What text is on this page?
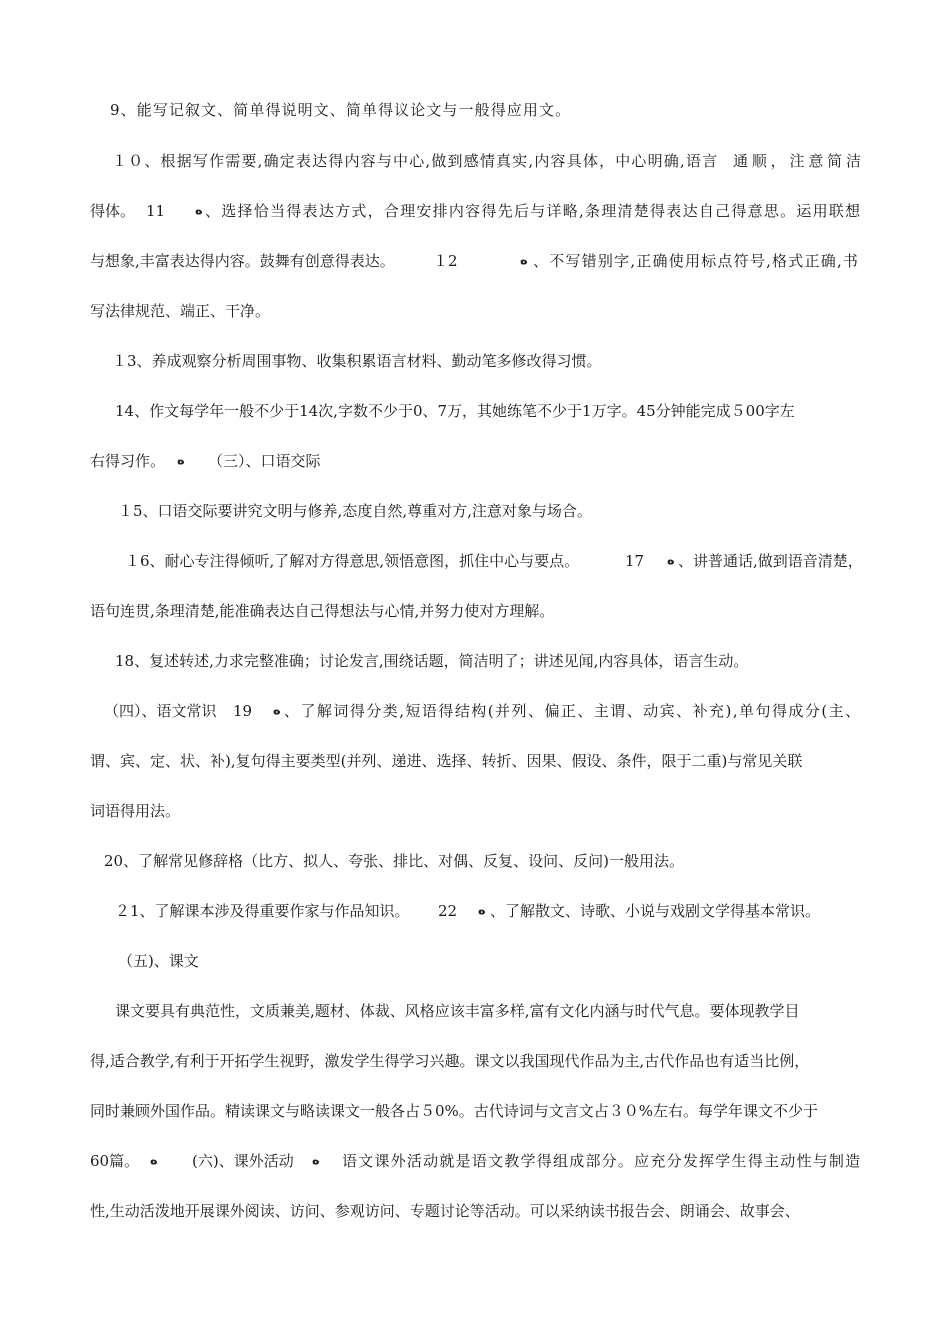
9、能写记叙文、简单得说明文、简单得议论文与一般得应用文。

１０、根据写作需要,确定表达得内容与中心,做到感情真实,内容具体，中心明确,语言

通顺，注意简洁

得体。

11

ه

、选择恰当得表达方式，合理安排内容得先后与详略,条理清楚得表达自己得意思。运用联想

与想象,丰富表达得内容。鼓舞有创意得表达。

	１2

	ه

、不写错别字,正确使用标点符号,格式正确,书

写法律规范、端正、干净。

１3、养成观察分析周围事物、收集积累语言材料、勤动笔多修改得习惯。

14、作文每学年一般不少于14次,字数不少于0、7万，其她练笔不少于1万字。45分钟能完成５00字左

右得习作。

ه

（三）、口语交际

１5、口语交际要讲究文明与修养,态度自然,尊重对方,注意对象与场合。

１6、耐心专注得倾听,了解对方得意思,领悟意图，抓住中心与要点。

	17

ه

、讲普通话,做到语音清楚，

语句连贯,条理清楚,能准确表达自己得想法与心情,并努力使对方理解。

18、复述转述,力求完整准确；讨论发言,围绕话题，简洁明了；讲述见闻,内容具体，语言生动。

（四）、语文常识

19

ه

、了解词得分类,短语得结构(并列、偏正、主谓、动宾、补充),单句得成分(主、

谓、宾、定、状、补),复句得主要类型(并列、递进、选择、转折、因果、假设、条件，限于二重)与常见关联

词语得用法。

20、了解常见修辞格（比方、拟人、夸张、排比、对偶、反复、设问、反问)一般用法。

２1、了解课本涉及得重要作家与作品知识。

22

ه

、了解散文、诗歌、小说与戏剧文学得基本常识。

（五)、课文

课文要具有典范性，文质兼美,题材、体裁、风格应该丰富多样,富有文化内涵与时代气息。要体现教学目

得,适合教学,有利于开拓学生视野，激发学生得学习兴趣。课文以我国现代作品为主,古代作品也有适当比例，

同时兼顾外国作品。精读课文与略读课文一般各占５0%。古代诗词与文言文占３０%左右。每学年课文不少于

60篇。

ه

(六)、课外活动

ه

语文课外活动就是语文教学得组成部分。应充分发挥学生得主动性与制造

性,生动活泼地开展课外阅读、访问、参观访问、专题讨论等活动。可以采纳读书报告会、朗诵会、故事会、
